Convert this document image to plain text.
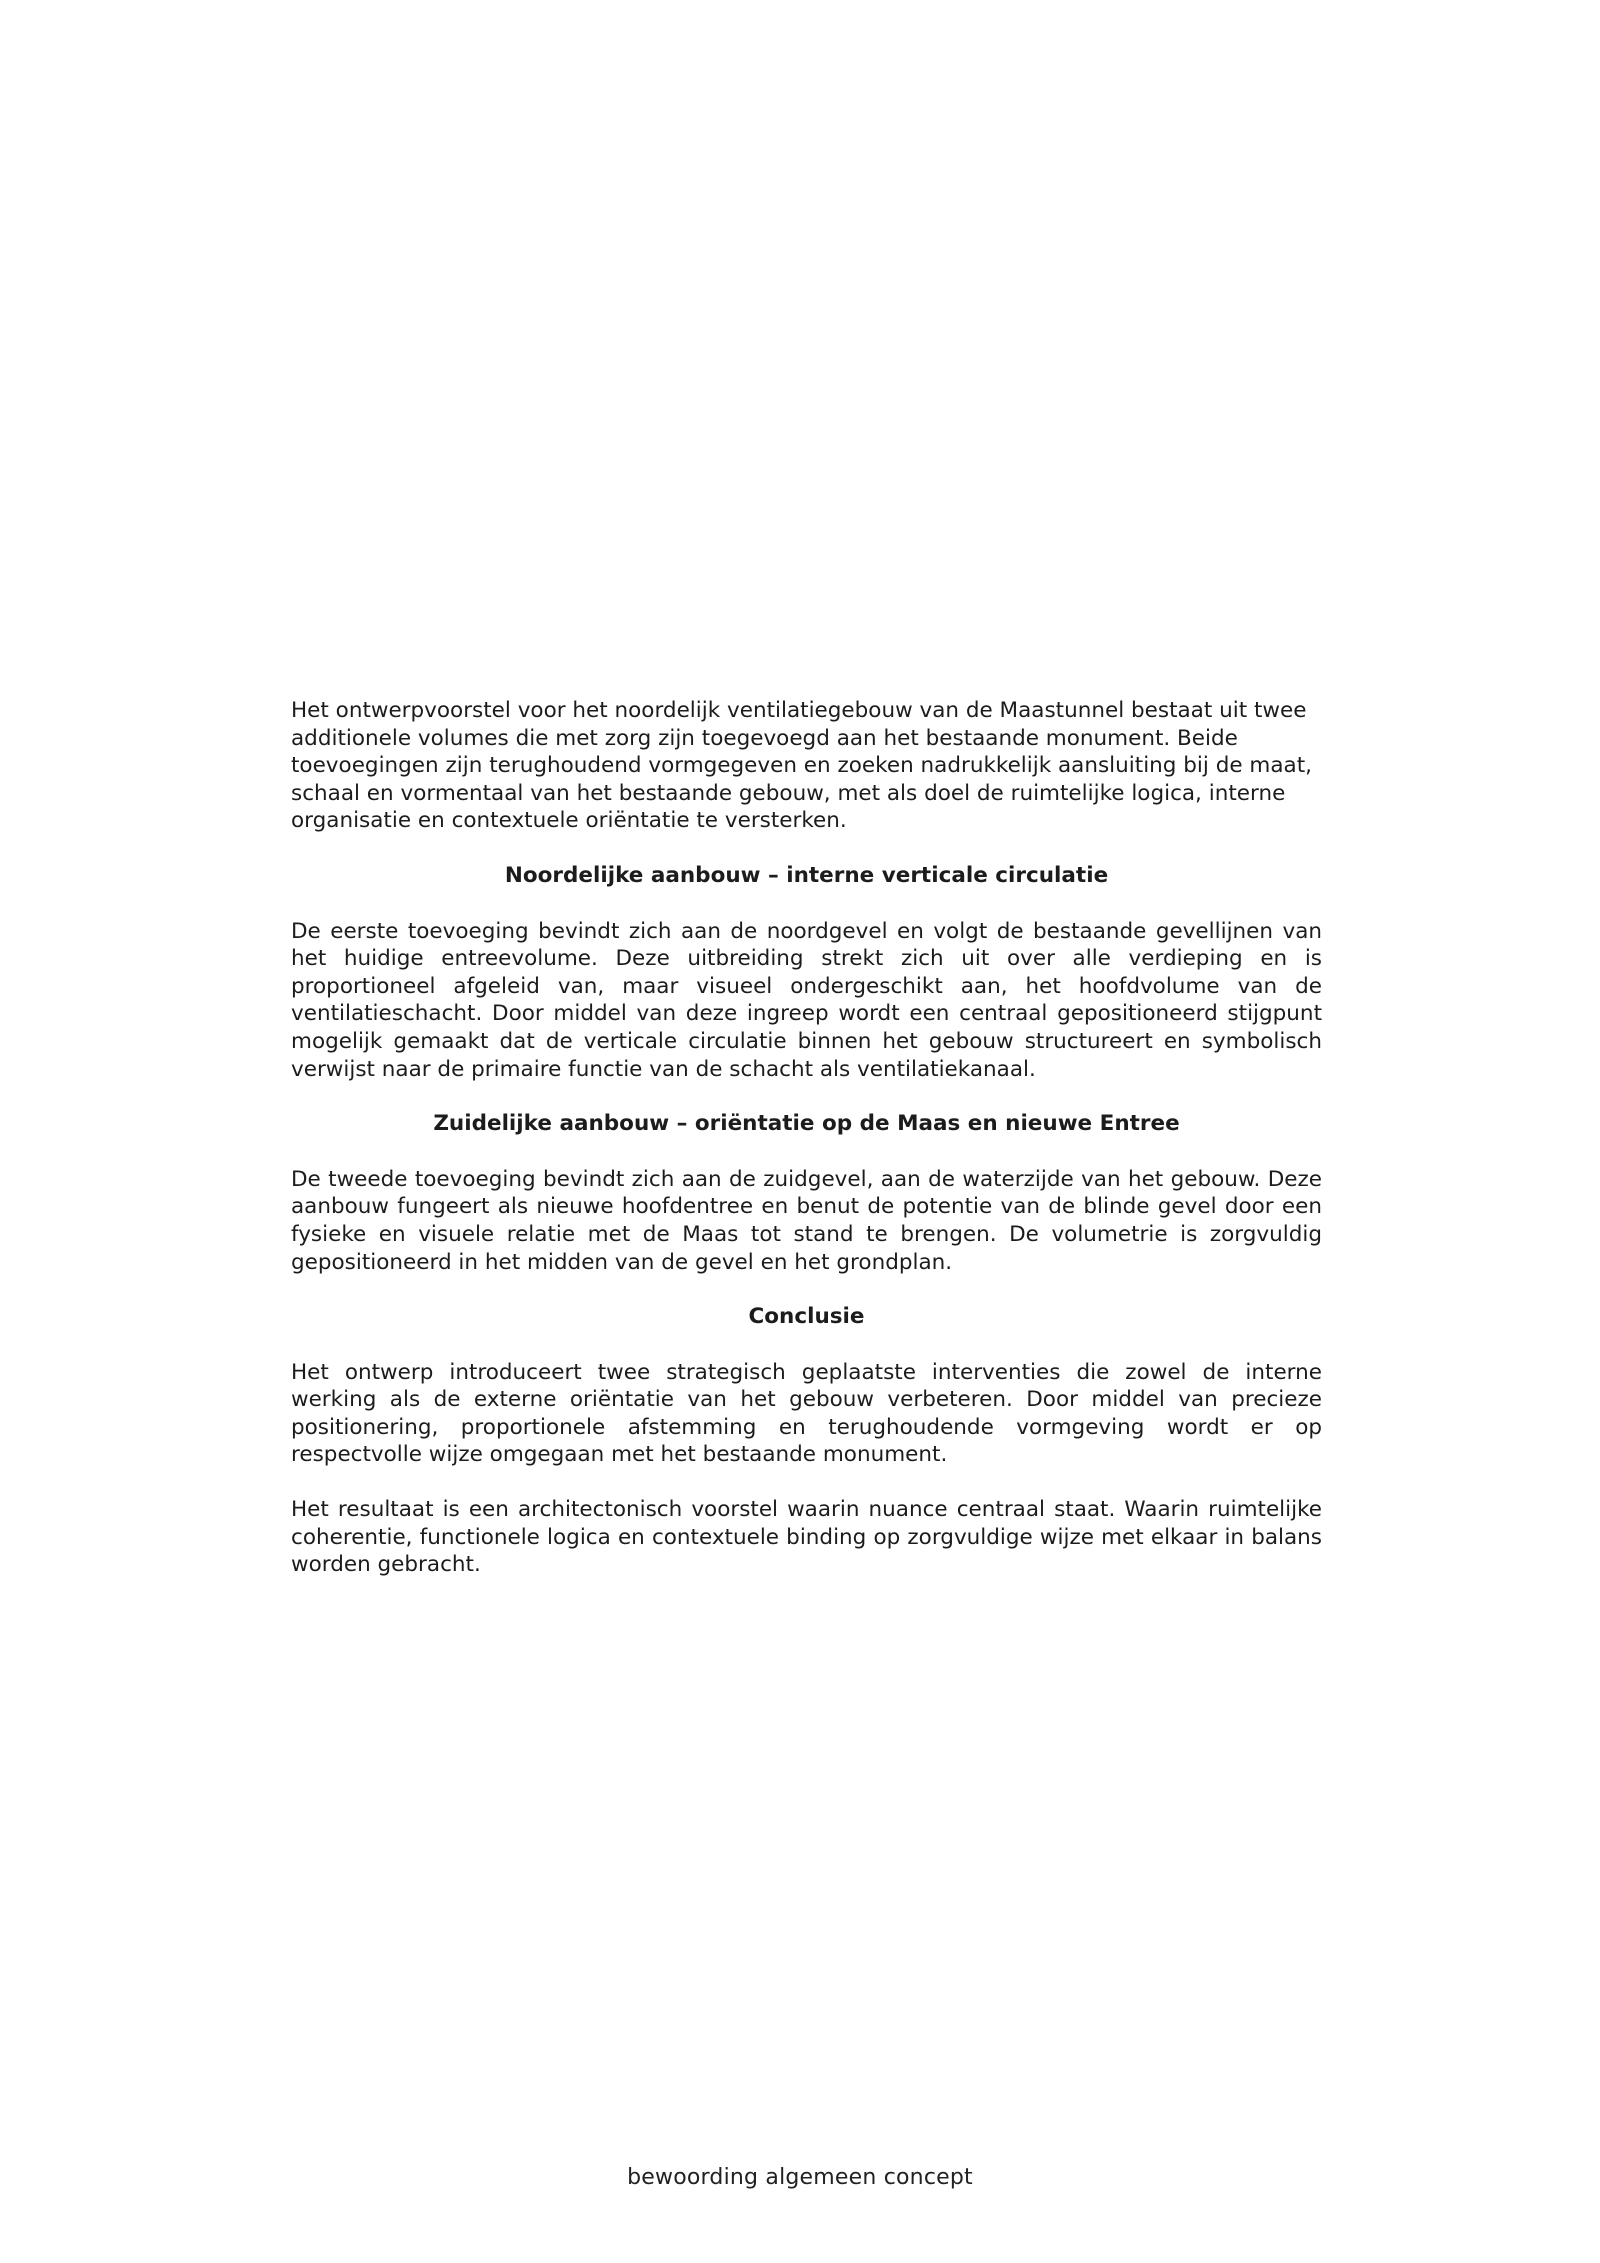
Het ontwerpvoorstel voor het noordelijk ventilatiegebouw van de Maastunnel bestaat uit twee additionele volumes die met zorg zijn toegevoegd aan het bestaande monument. Beide toevoegingen zijn terughoudend vormgegeven en zoeken nadrukkelijk aansluiting bij de maat, schaal en vormentaal van het bestaande gebouw, met als doel de ruimtelijke logica, interne organisatie en contextuele oriëntatie te versterken.

Noordelijke aanbouw – interne verticale circulatie

De eerste toevoeging bevindt zich aan de noordgevel en volgt de bestaande gevellijnen van het huidige entreevolume. Deze uitbreiding strekt zich uit over alle verdieping en is proportioneel afgeleid van, maar visueel ondergeschikt aan, het hoofdvolume van de ventilatieschacht. Door middel van deze ingreep wordt een centraal gepositioneerd stijgpunt mogelijk gemaakt dat de verticale circulatie binnen het gebouw structureert en symbolisch verwijst naar de primaire functie van de schacht als ventilatiekanaal.

Zuidelijke aanbouw – oriëntatie op de Maas en nieuwe Entree

De tweede toevoeging bevindt zich aan de zuidgevel, aan de waterzijde van het gebouw. Deze aanbouw fungeert als nieuwe hoofdentree en benut de potentie van de blinde gevel door een fysieke en visuele relatie met de Maas tot stand te brengen. De volumetrie is zorgvuldig gepositioneerd in het midden van de gevel en het grondplan.

Conclusie

Het ontwerp introduceert twee strategisch geplaatste interventies die zowel de interne werking als de externe oriëntatie van het gebouw verbeteren. Door middel van precieze positionering, proportionele afstemming en terughoudende vormgeving wordt er op respectvolle wijze omgegaan met het bestaande monument.

Het resultaat is een architectonisch voorstel waarin nuance centraal staat. Waarin ruimtelijke coherentie, functionele logica en contextuele binding op zorgvuldige wijze met elkaar in balans worden gebracht.

bewoording algemeen concept
